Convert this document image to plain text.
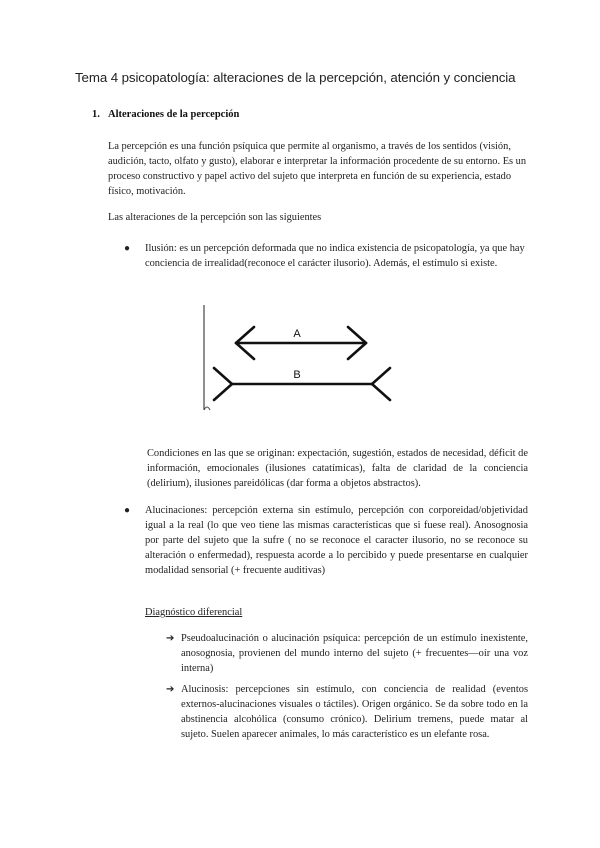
Tema 4 psicopatología: alteraciones de la percepción, atención y conciencia
1. Alteraciones de la percepción
La percepción es una función psíquica que permite al organismo, a través de los sentidos (visión, audición, tacto, olfato y gusto), elaborar e interpretar la información procedente de su entorno. Es un proceso constructivo y papel activo del sujeto que interpreta en función de su experiencia, estado físico, motivación.
Las alteraciones de la percepción son las siguientes
● Ilusión: es un percepción deformada que no indica existencia de psicopatología, ya que hay conciencia de irrealidad(reconoce el carácter ilusorio). Además, el estímulo si existe.
A
B
Condiciones en las que se originan: expectación, sugestión, estados de necesidad, déficit de información, emocionales (ilusiones catatímicas), falta de claridad de la conciencia (delirium), ilusiones pareidólicas (dar forma a objetos abstractos).
● Alucinaciones: percepción externa sin estímulo, percepción con corporeidad/objetividad igual a la real (lo que veo tiene las mismas características que si fuese real). Anosognosia por parte del sujeto que la sufre ( no se reconoce el caracter ilusorio, no se reconoce su alteración o enfermedad), respuesta acorde a lo percibido y puede presentarse en cualquier modalidad sensorial (+ frecuente auditivas)
Diagnóstico diferencial
➔ Pseudoalucinación o alucinación psíquica: percepción de un estímulo inexistente, anosognosia, provienen del mundo interno del sujeto (+ frecuentes—oír una voz interna)
➔ Alucinosis: percepciones sin estímulo, con conciencia de realidad (eventos externos-alucinaciones visuales o táctiles). Origen orgánico. Se da sobre todo en la abstinencia alcohólica (consumo crónico). Delirium tremens, puede matar al sujeto. Suelen aparecer animales, lo más característico es un elefante rosa.
